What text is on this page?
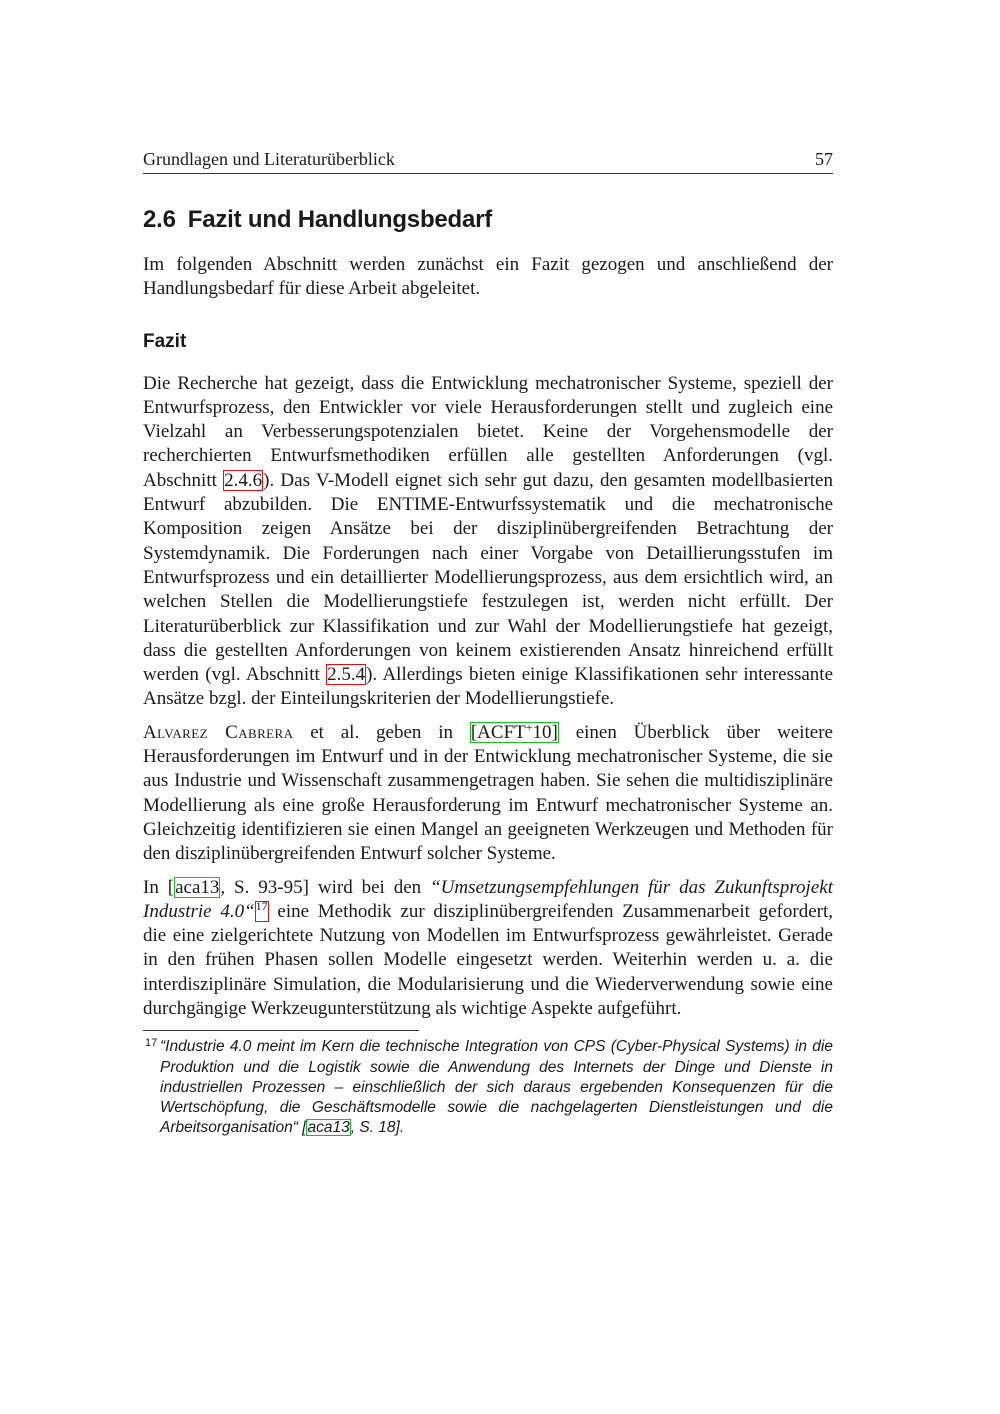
Grundlagen und Literaturüberblick	57
2.6 Fazit und Handlungsbedarf

Im folgenden Abschnitt werden zunächst ein Fazit gezogen und anschließend der Handlungsbedarf für diese Arbeit abgeleitet.

Fazit

Die Recherche hat gezeigt, dass die Entwicklung mechatronischer Systeme, speziell der Entwurfsprozess, den Entwickler vor viele Herausforderungen stellt und zugleich eine Vielzahl an Verbesserungspotenzialen bietet. Keine der Vorgehensmodelle der recherchierten Entwurfsmethodiken erfüllen alle gestellten Anforderungen (vgl. Abschnitt 2.4.6). Das V-Modell eignet sich sehr gut dazu, den gesamten modellbasierten Entwurf abzubilden. Die ENTIME-Entwurfssystematik und die mechatronische Komposition zeigen Ansätze bei der disziplinübergreifenden Betrachtung der Systemdynamik. Die Forderungen nach einer Vorgabe von Detaillierungsstufen im Entwurfsprozess und ein detaillierter Modellierungsprozess, aus dem ersichtlich wird, an welchen Stellen die Modellierungstiefe festzulegen ist, werden nicht erfüllt. Der Literaturüberblick zur Klassifikation und zur Wahl der Modellierungstiefe hat gezeigt, dass die gestellten Anforderungen von keinem existierenden Ansatz hinreichend erfüllt werden (vgl. Abschnitt 2.5.4). Allerdings bieten einige Klassifikationen sehr interessante Ansätze bzgl. der Einteilungskriterien der Modellierungstiefe.

Alvarez Cabrera et al. geben in [ACFT+10] einen Überblick über weitere Herausforderungen im Entwurf und in der Entwicklung mechatronischer Systeme, die sie aus Industrie und Wissenschaft zusammengetragen haben. Sie sehen die multidisziplinäre Modellierung als eine große Herausforderung im Entwurf mechatronischer Systeme an. Gleichzeitig identifizieren sie einen Mangel an geeigneten Werkzeugen und Methoden für den disziplinübergreifenden Entwurf solcher Systeme.

In [aca13, S. 93-95] wird bei den “Umsetzungsempfehlungen für das Zukunftsprojekt Industrie 4.0“$^{17}$ eine Methodik zur disziplinübergreifenden Zusammenarbeit gefordert, die eine zielgerichtete Nutzung von Modellen im Entwurfsprozess gewährleistet. Gerade in den frühen Phasen sollen Modelle eingesetzt werden. Weiterhin werden u. a. die interdisziplinäre Simulation, die Modularisierung und die Wiederverwendung sowie eine durchgängige Werkzeugunterstützung als wichtige Aspekte aufgeführt.

17 “Industrie 4.0 meint im Kern die technische Integration von CPS (Cyber-Physical Systems) in die Produktion und die Logistik sowie die Anwendung des Internets der Dinge und Dienste in industriellen Prozessen – einschließlich der sich daraus ergebenden Konsequenzen für die Wertschöpfung, die Geschäftsmodelle sowie die nachgelagerten Dienstleistungen und die Arbeitsorganisation“ [aca13, S. 18].
